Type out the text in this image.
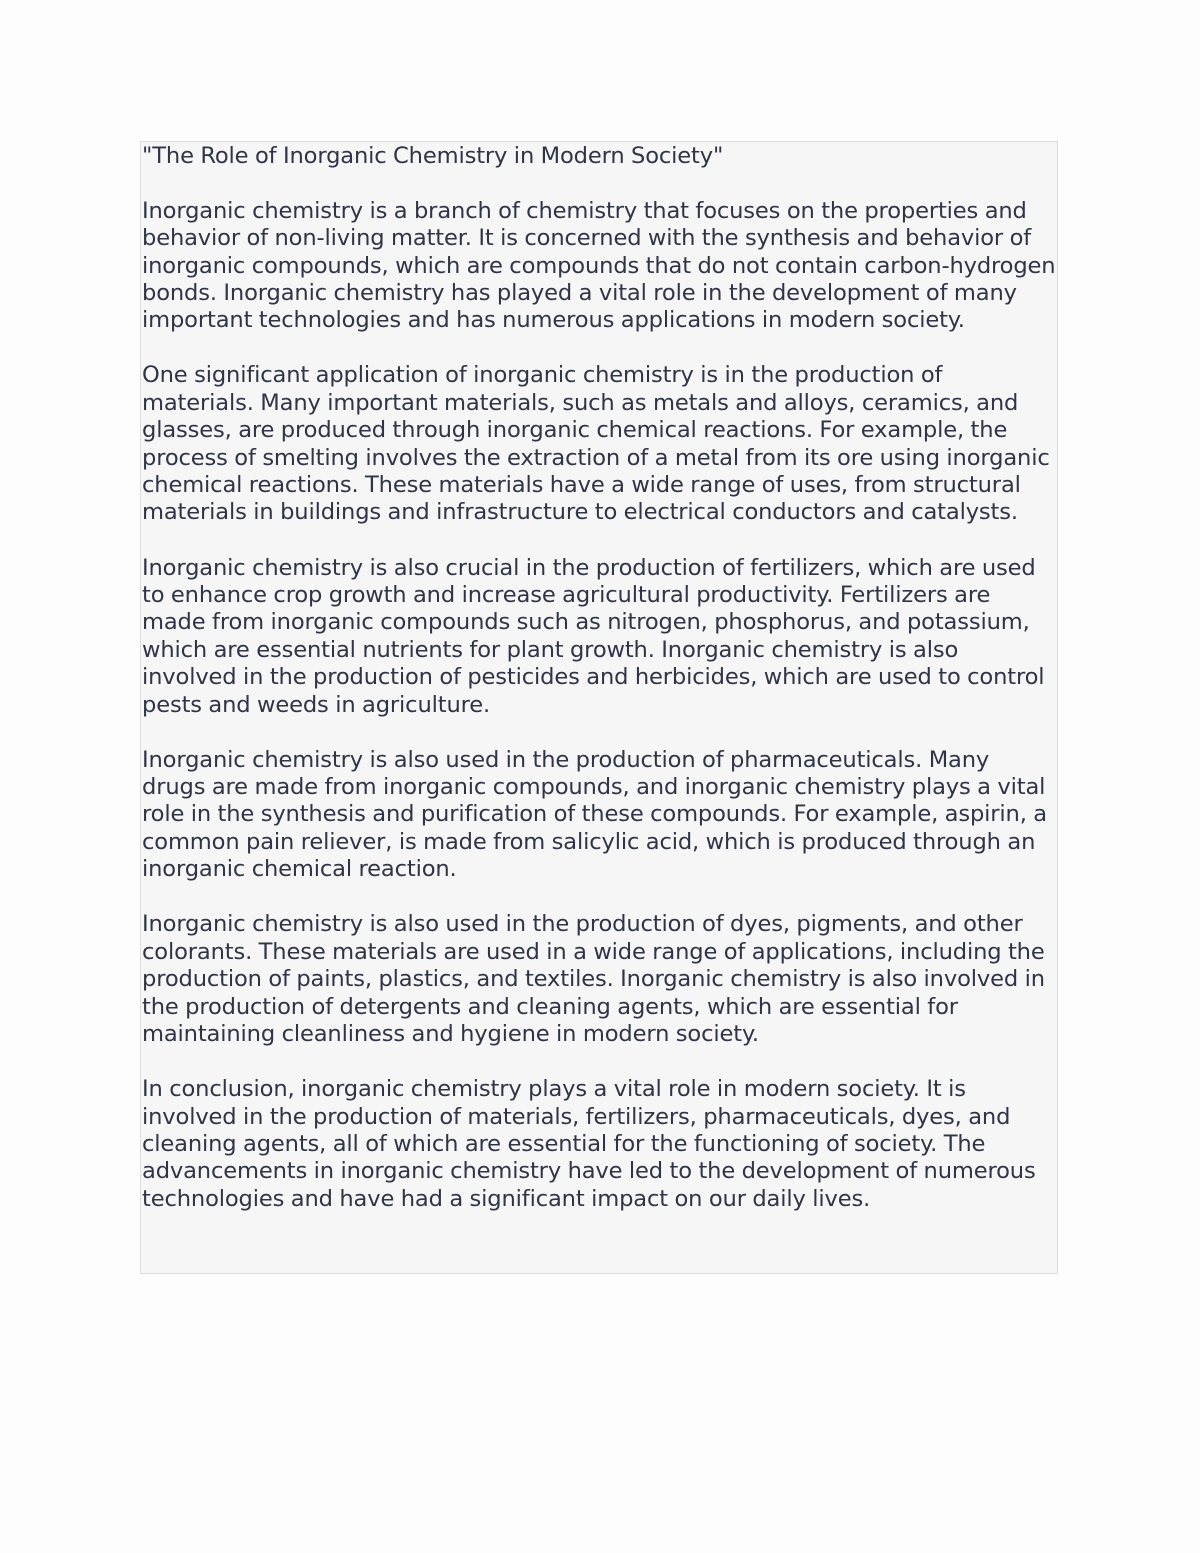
"The Role of Inorganic Chemistry in Modern Society"

Inorganic chemistry is a branch of chemistry that focuses on the properties and behavior of non-living matter. It is concerned with the synthesis and behavior of inorganic compounds, which are compounds that do not contain carbon-hydrogen bonds. Inorganic chemistry has played a vital role in the development of many important technologies and has numerous applications in modern society.

One significant application of inorganic chemistry is in the production of materials. Many important materials, such as metals and alloys, ceramics, and glasses, are produced through inorganic chemical reactions. For example, the process of smelting involves the extraction of a metal from its ore using inorganic chemical reactions. These materials have a wide range of uses, from structural materials in buildings and infrastructure to electrical conductors and catalysts.

Inorganic chemistry is also crucial in the production of fertilizers, which are used to enhance crop growth and increase agricultural productivity. Fertilizers are made from inorganic compounds such as nitrogen, phosphorus, and potassium, which are essential nutrients for plant growth. Inorganic chemistry is also involved in the production of pesticides and herbicides, which are used to control pests and weeds in agriculture.

Inorganic chemistry is also used in the production of pharmaceuticals. Many drugs are made from inorganic compounds, and inorganic chemistry plays a vital role in the synthesis and purification of these compounds. For example, aspirin, a common pain reliever, is made from salicylic acid, which is produced through an inorganic chemical reaction.

Inorganic chemistry is also used in the production of dyes, pigments, and other colorants. These materials are used in a wide range of applications, including the production of paints, plastics, and textiles. Inorganic chemistry is also involved in the production of detergents and cleaning agents, which are essential for maintaining cleanliness and hygiene in modern society.

In conclusion, inorganic chemistry plays a vital role in modern society. It is involved in the production of materials, fertilizers, pharmaceuticals, dyes, and cleaning agents, all of which are essential for the functioning of society. The advancements in inorganic chemistry have led to the development of numerous technologies and have had a significant impact on our daily lives.
